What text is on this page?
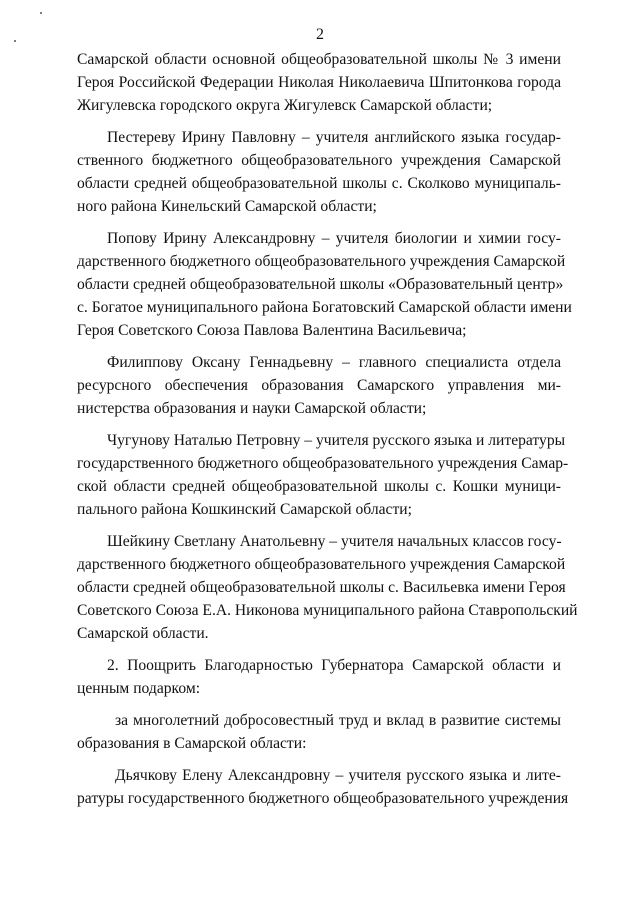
2
Самарской области основной общеобразовательной школы № 3 имени
Героя Российской Федерации Николая Николаевича Шпитонкова города
Жигулевска городского округа Жигулевск Самарской области;
Пестереву Ирину Павловну – учителя английского языка государ-
ственного бюджетного общеобразовательного учреждения Самарской
области средней общеобразовательной школы с. Сколково муниципаль-
ного района Кинельский Самарской области;
Попову Ирину Александровну – учителя биологии и химии госу-
дарственного бюджетного общеобразовательного учреждения Самарской
области средней общеобразовательной школы «Образовательный центр»
с. Богатое муниципального района Богатовский Самарской области имени
Героя Советского Союза Павлова Валентина Васильевича;
Филиппову Оксану Геннадьевну – главного специалиста отдела
ресурсного обеспечения образования Самарского управления ми-
нистерства образования и науки Самарской области;
Чугунову Наталью Петровну – учителя русского языка и литературы
государственного бюджетного общеобразовательного учреждения Самар-
ской области средней общеобразовательной школы с. Кошки муници-
пального района Кошкинский Самарской области;
Шейкину Светлану Анатольевну – учителя начальных классов госу-
дарственного бюджетного общеобразовательного учреждения Самарской
области средней общеобразовательной школы с. Васильевка имени Героя
Советского Союза Е.А. Никонова муниципального района Ставропольский
Самарской области.
2. Поощрить Благодарностью Губернатора Самарской области и
ценным подарком:
за многолетний добросовестный труд и вклад в развитие системы
образования в Самарской области:
Дьячкову Елену Александровну – учителя русского языка и лите-
ратуры государственного бюджетного общеобразовательного учреждения
